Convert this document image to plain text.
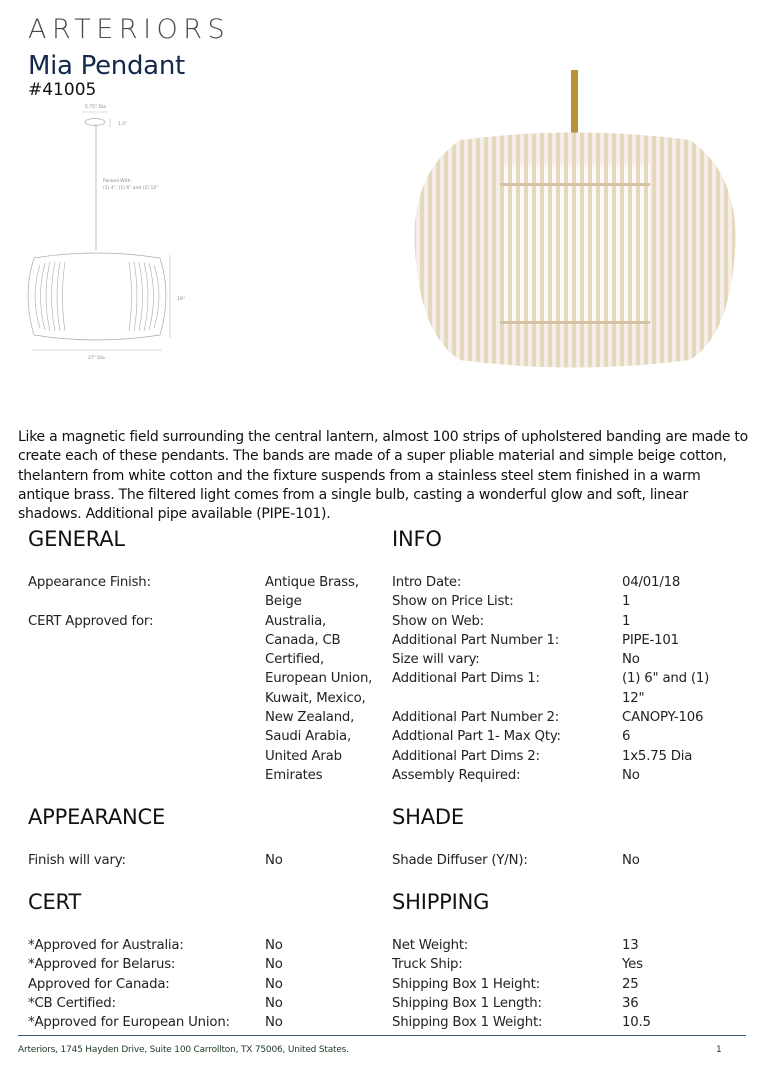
ARTERIORS
Mia Pendant
#41005
5.75" Dia
1.5"
Packed With:
(1) 4", (1) 6" and (2) 12"
19"
27" Dia
Like a magnetic field surrounding the central lantern, almost 100 strips of upholstered banding are made to create each of these pendants. The bands are made of a super pliable material and simple beige cotton, thelantern from white cotton and the fixture suspends from a stainless steel stem finished in a warm antique brass. The filtered light comes from a single bulb, casting a wonderful glow and soft, linear shadows. Additional pipe available (PIPE-101).
GENERAL
Appearance Finish:	Antique Brass, Beige
CERT Approved for:	Australia, Canada, CB Certified, European Union, Kuwait, Mexico, New Zealand, Saudi Arabia, United Arab Emirates
INFO
Intro Date:	04/01/18
Show on Price List:	1
Show on Web:	1
Additional Part Number 1:	PIPE-101
Size will vary:	No
Additional Part Dims 1:	(1) 6" and (1) 12"
Additional Part Number 2:	CANOPY-106
Addtional Part 1- Max Qty:	6
Additional Part Dims 2:	1x5.75 Dia
Assembly Required:	No
APPEARANCE
Finish will vary:	No
SHADE
Shade Diffuser (Y/N):	No
CERT
*Approved for Australia:	No
*Approved for Belarus:	No
Approved for Canada:	No
*CB Certified:	No
*Approved for European Union:	No
SHIPPING
Net Weight:	13
Truck Ship:	Yes
Shipping Box 1 Height:	25
Shipping Box 1 Length:	36
Shipping Box 1 Weight:	10.5
Arteriors, 1745 Hayden Drive, Suite 100 Carrollton, TX 75006, United States.	1
